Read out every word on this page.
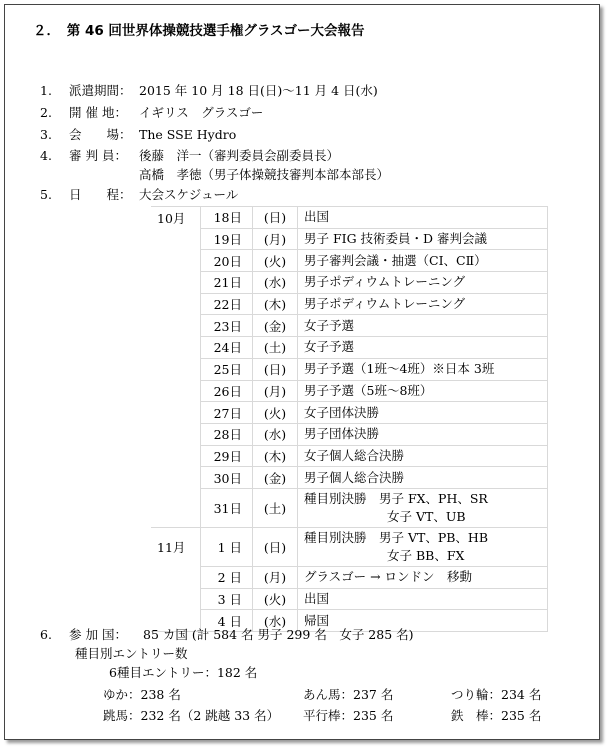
２．　第 46 回世界体操競技選手権グラスゴー大会報告
1. 派遣期間： 2015 年 10 月 18 日(日)〜11 月 4 日(水)
2. 開 催 地： イギリス　グラスゴー
3. 会　　場： The SSE Hydro
4. 審 判 員： 後藤　洋一（審判委員会副委員長）
高橋　孝徳（男子体操競技審判本部本部長）
5. 日　　程： 大会スケジュール
10月	18日	(日)	出国

	19日	(月)	男子 FIG 技術委員・D 審判会議

	20日	(火)	男子審判会議・抽選（CⅠ、CⅡ）

	21日	(水)	男子ポディウムトレーニング

	22日	(木)	男子ポディウムトレーニング

	23日	(金)	女子予選

	24日	(土)	女子予選

	25日	(日)	男子予選（1班〜4班）※日本 3班

	26日	(月)	男子予選（5班〜8班）

	27日	(火)	女子団体決勝

	28日	(水)	男子団体決勝

	29日	(木)	女子個人総合決勝

	30日	(金)	男子個人総合決勝

	31日	(土)	種目別決勝　男子 FX、PH、SR
女子 VT、UB

11月	1 日	(日)	種目別決勝　男子 VT、PB、HB
女子 BB、FX

	2 日	(月)	グラスゴー → ロンドン　移動

	3 日	(火)	出国

	4 日	(水)	帰国
6. 参 加 国： 85 カ国 (計 584 名 男子 299 名　女子 285 名)
種目別エントリー数
6種目エントリー：182 名
ゆか：238 名	あん馬：237 名	つり輪：234 名
跳馬：232 名（2 跳越 33 名） 平行棒：235 名	鉄　棒：235 名
